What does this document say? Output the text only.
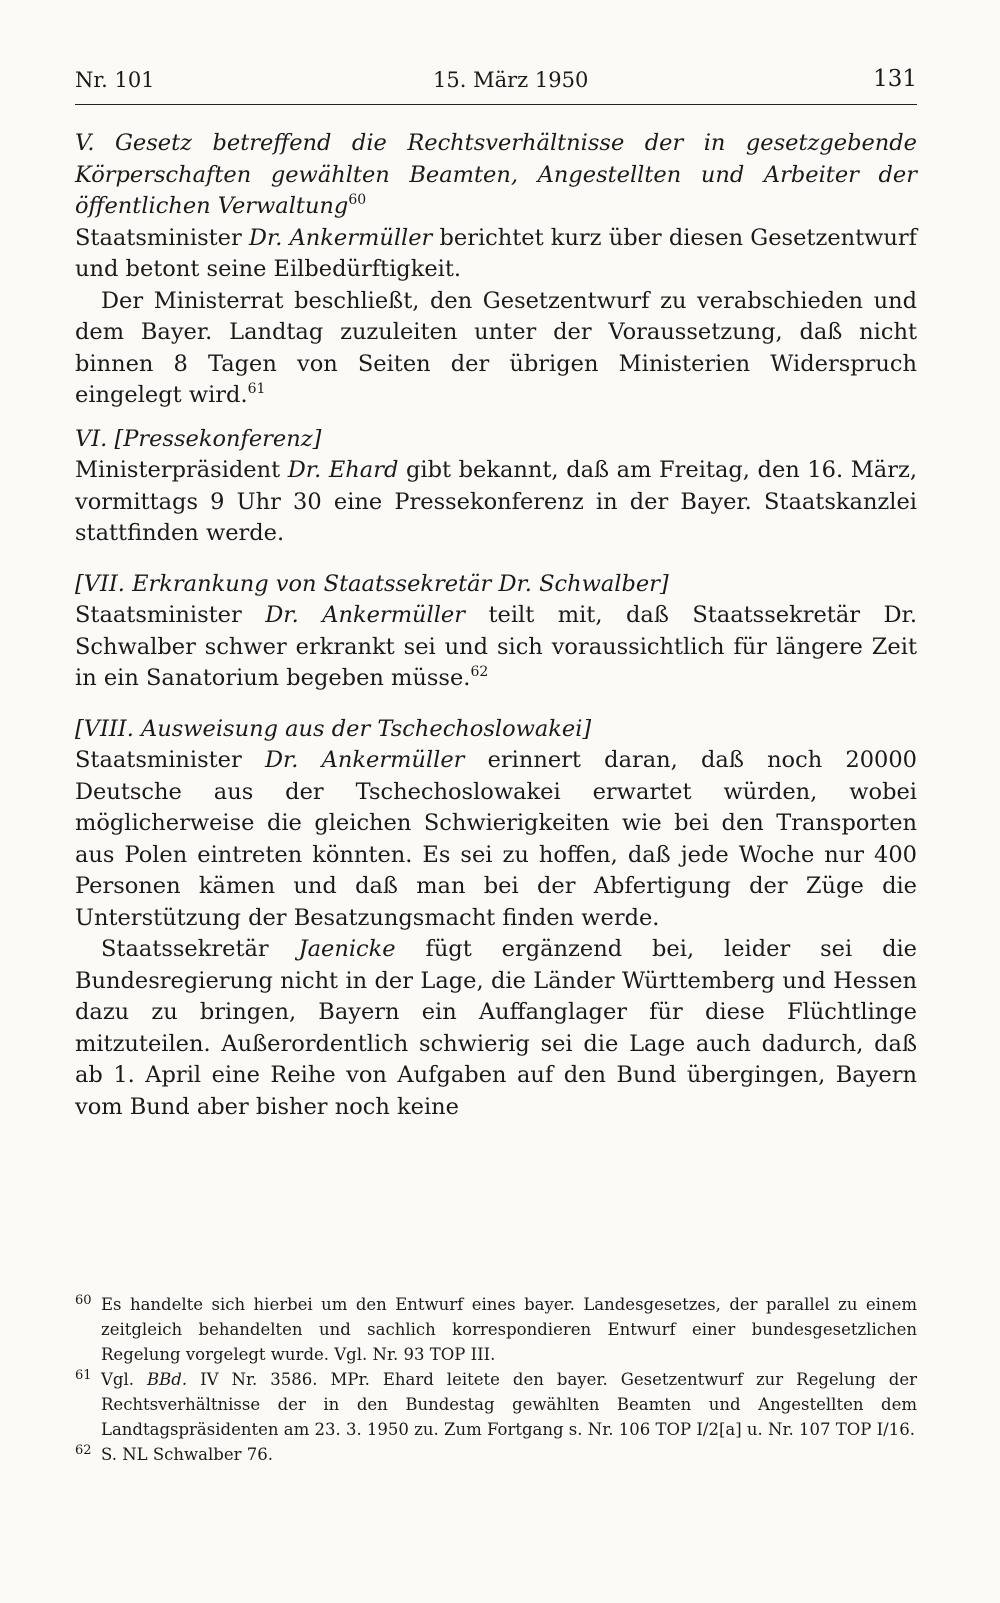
Nr. 101	15. März 1950	131

V. Gesetz betreffend die Rechtsverhältnisse der in gesetzgebende Körperschaften gewählten Beamten, Angestellten und Arbeiter der öffentlichen Verwaltung$^{60}$

Staatsminister Dr. Ankermüller berichtet kurz über diesen Gesetzentwurf und betont seine Eilbedürftigkeit.

Der Ministerrat beschließt, den Gesetzentwurf zu verabschieden und dem Bayer. Landtag zuzuleiten unter der Voraussetzung, daß nicht binnen 8 Tagen von Seiten der übrigen Ministerien Widerspruch eingelegt wird.$^{61}$

VI. [Pressekonferenz]

Ministerpräsident Dr. Ehard gibt bekannt, daß am Freitag, den 16. März, vormittags 9 Uhr 30 eine Pressekonferenz in der Bayer. Staatskanzlei stattfinden werde.

[VII. Erkrankung von Staatssekretär Dr. Schwalber]

Staatsminister Dr. Ankermüller teilt mit, daß Staatssekretär Dr. Schwalber schwer erkrankt sei und sich voraussichtlich für längere Zeit in ein Sanatorium begeben müsse.$^{62}$

[VIII. Ausweisung aus der Tschechoslowakei]

Staatsminister Dr. Ankermüller erinnert daran, daß noch 20000 Deutsche aus der Tschechoslowakei erwartet würden, wobei möglicherweise die gleichen Schwierigkeiten wie bei den Transporten aus Polen eintreten könnten. Es sei zu hoffen, daß jede Woche nur 400 Personen kämen und daß man bei der Abfertigung der Züge die Unterstützung der Besatzungsmacht finden werde.

Staatssekretär Jaenicke fügt ergänzend bei, leider sei die Bundesregierung nicht in der Lage, die Länder Württemberg und Hessen dazu zu bringen, Bayern ein Auffanglager für diese Flüchtlinge mitzuteilen. Außerordentlich schwierig sei die Lage auch dadurch, daß ab 1. April eine Reihe von Aufgaben auf den Bund übergingen, Bayern vom Bund aber bisher noch keine

60 Es handelte sich hierbei um den Entwurf eines bayer. Landesgesetzes, der parallel zu einem zeitgleich behandelten und sachlich korrespondieren Entwurf einer bundesgesetzlichen Regelung vorgelegt wurde. Vgl. Nr. 93 TOP III.
61 Vgl. BBd. IV Nr. 3586. MPr. Ehard leitete den bayer. Gesetzentwurf zur Regelung der Rechtsverhältnisse der in den Bundestag gewählten Beamten und Angestellten dem Landtagspräsidenten am 23. 3. 1950 zu. Zum Fortgang s. Nr. 106 TOP I/2[a] u. Nr. 107 TOP I/16.
62 S. NL Schwalber 76.
